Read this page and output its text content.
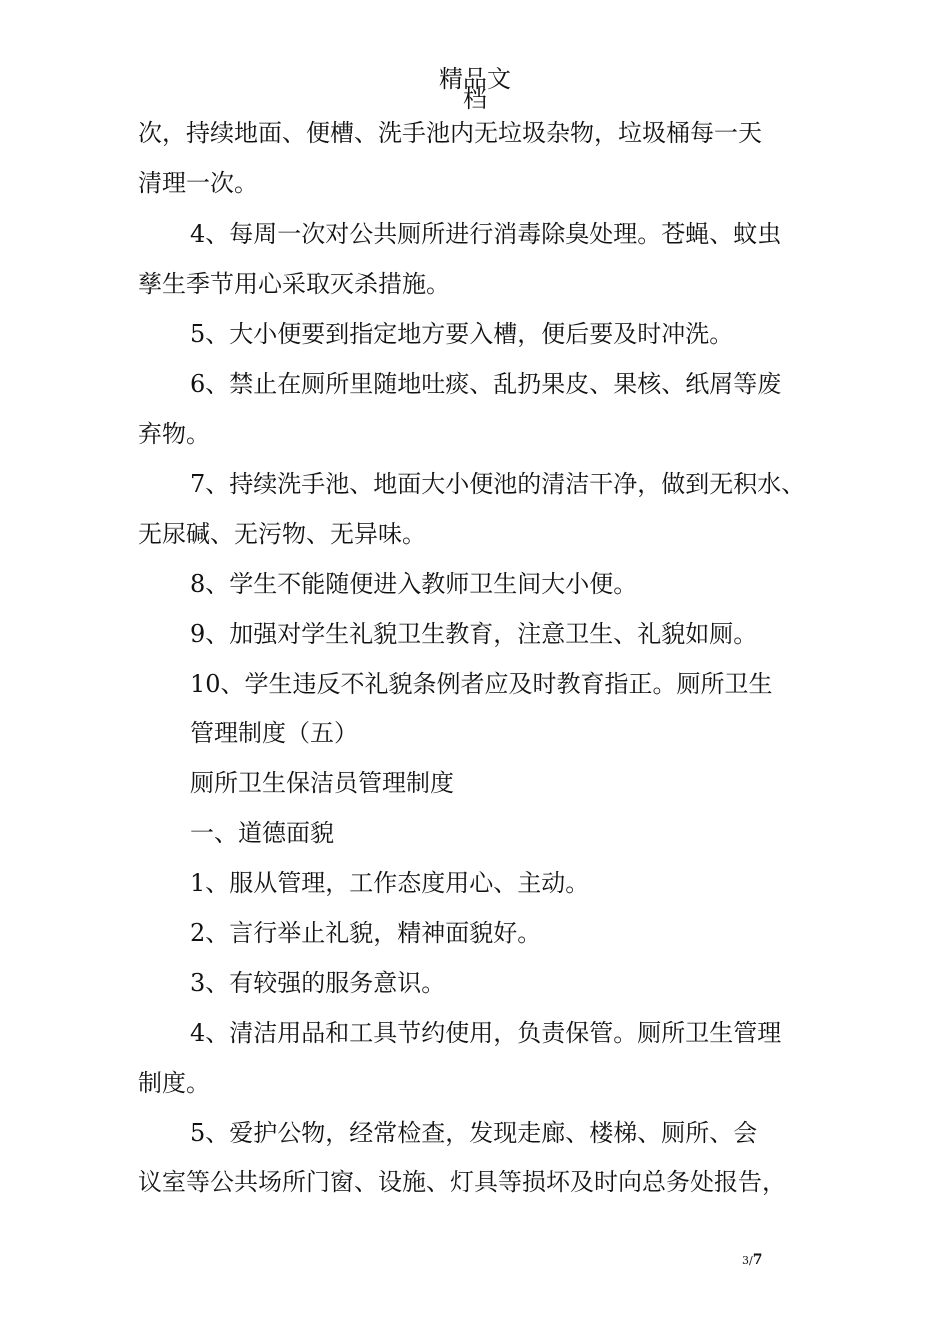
精品文
档
次，持续地面、便槽、洗手池内无垃圾杂物，垃圾桶每一天
清理一次。
4、每周一次对公共厕所进行消毒除臭处理。苍蝇、蚊虫
孳生季节用心采取灭杀措施。
5、大小便要到指定地方要入槽，便后要及时冲洗。
6、禁止在厕所里随地吐痰、乱扔果皮、果核、纸屑等废
弃物。
7、持续洗手池、地面大小便池的清洁干净，做到无积水、
无尿碱、无污物、无异味。
8、学生不能随便进入教师卫生间大小便。
9、加强对学生礼貌卫生教育，注意卫生、礼貌如厕。
10、学生违反不礼貌条例者应及时教育指正。厕所卫生
管理制度（五）
厕所卫生保洁员管理制度
一、道德面貌
1、服从管理，工作态度用心、主动。
2、言行举止礼貌，精神面貌好。
3、有较强的服务意识。
4、清洁用品和工具节约使用，负责保管。厕所卫生管理
制度。
5、爱护公物，经常检查，发现走廊、楼梯、厕所、会
议室等公共场所门窗、设施、灯具等损坏及时向总务处报告，
3/7
